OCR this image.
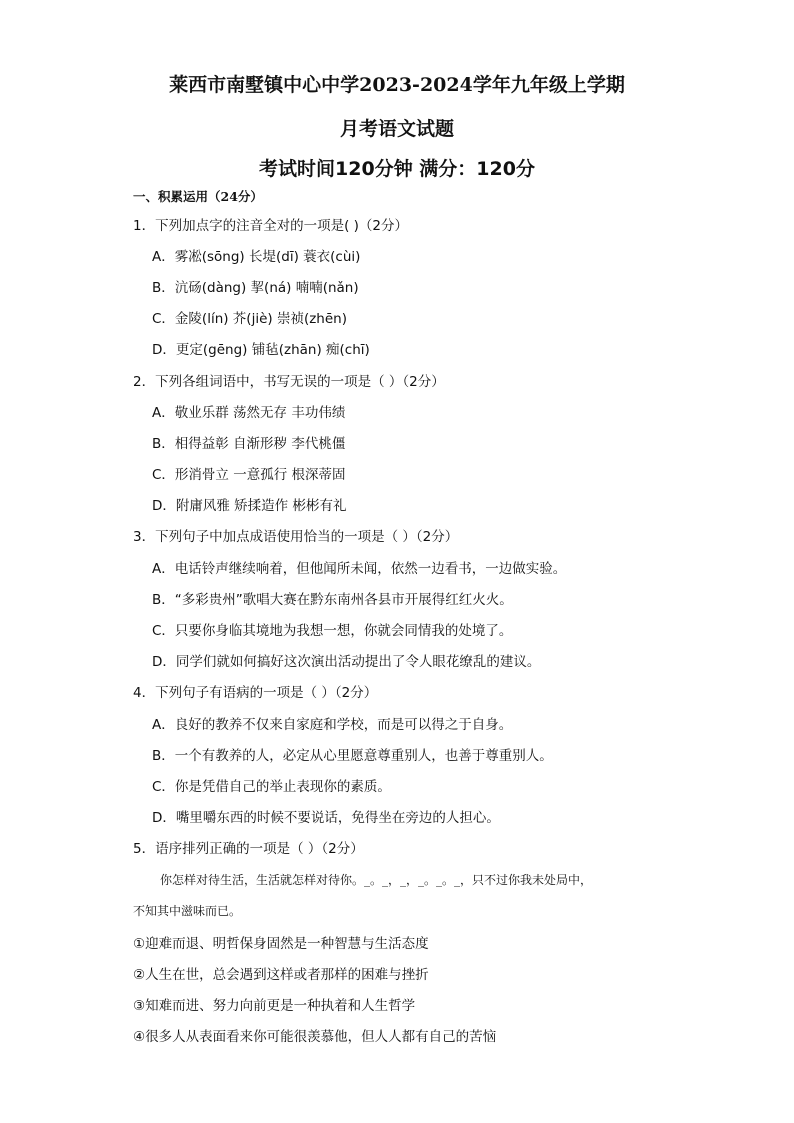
莱西市南墅镇中心中学2023-2024学年九年级上学期
月考语文试题
考试时间120分钟 满分：120分
一、积累运用（24分）
1．下列加点字的注音全对的一项是( )（2分）
A．雾凇(sōng) 长堤(dī) 蓑衣(cùi)
B．沆砀(dàng) 挈(ná) 喃喃(nǎn)
C．金陵(lín) 芥(jiè) 崇祯(zhēn)
D．更定(gēng) 铺毡(zhān) 痴(chī)
2．下列各组词语中，书写无误的一项是（ ）（2分）
A．敬业乐群 荡然无存 丰功伟绩
B．相得益彰 自渐形秽 李代桃僵
C．形消骨立 一意孤行 根深蒂固
D．附庸风雅 矫揉造作 彬彬有礼
3．下列句子中加点成语使用恰当的一项是（ ）（2分）
A．电话铃声继续响着，但他闻所未闻，依然一边看书，一边做实验。
B．“多彩贵州”歌唱大赛在黔东南州各县市开展得红红火火。
C．只要你身临其境地为我想一想，你就会同情我的处境了。
D．同学们就如何搞好这次演出活动提出了令人眼花缭乱的建议。
4．下列句子有语病的一项是（ ）（2分）
A．良好的教养不仅来自家庭和学校，而是可以得之于自身。
B．一个有教养的人，必定从心里愿意尊重别人，也善于尊重别人。
C．你是凭借自己的举止表现你的素质。
D．嘴里嚼东西的时候不要说话，免得坐在旁边的人担心。
5．语序排列正确的一项是（ ）（2分）
你怎样对待生活，生活就怎样对待你。_。_，_，_。_。_，只不过你我未处局中，
不知其中滋味而已。
①迎难而退、明哲保身固然是一种智慧与生活态度
②人生在世，总会遇到这样或者那样的困难与挫折
③知难而进、努力向前更是一种执着和人生哲学
④很多人从表面看来你可能很羡慕他，但人人都有自己的苦恼
